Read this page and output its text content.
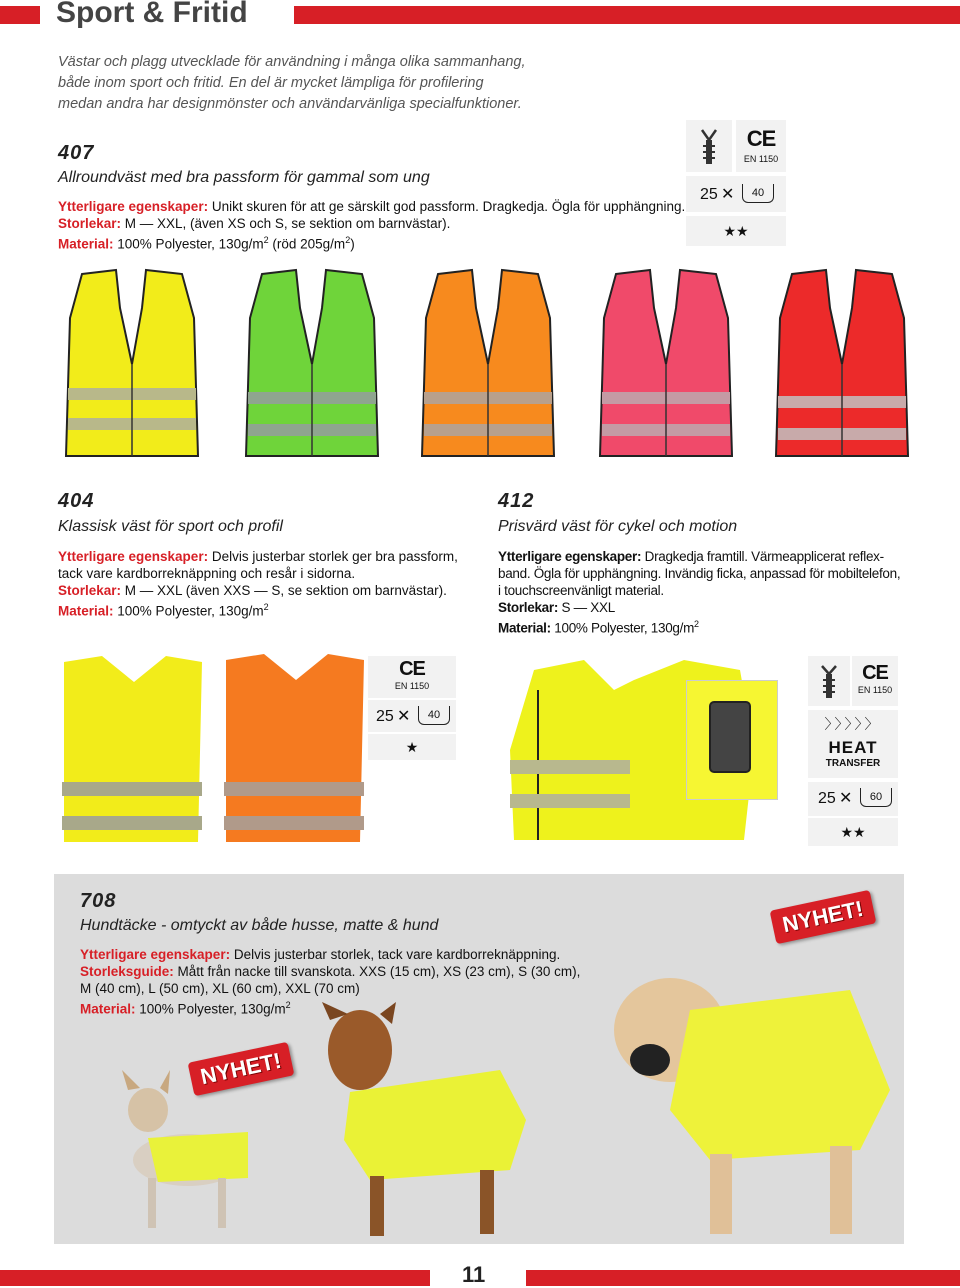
Sport & Fritid
Västar och plagg utvecklade för användning i många olika sammanhang,
både inom sport och fritid. En del är mycket lämpliga för profilering
medan andra har designmönster och användarvänliga specialfunktioner.
407
Allroundväst med bra passform för gammal som ung
Ytterligare egenskaper: Unikt skuren för att ge särskilt god passform. Dragkedja. Ögla för upphängning.
Storlekar: M — XXL, (även XS och S, se sektion om barnvästar).
Material: 100% Polyester, $130g/m^2$ (röd $205g/m^2$)
CE
EN 1150
25 ✕	40
★★
404
Klassisk väst för sport och profil
Ytterligare egenskaper: Delvis justerbar storlek ger bra passform,
tack vare kardborreknäppning och resår i sidorna.
Storlekar: M — XXL (även XXS — S, se sektion om barnvästar).
Material: 100% Polyester, $130g/m^2$
412
Prisvärd väst för cykel och motion
Ytterligare egenskaper: Dragkedja framtill. Värmeapplicerat reflex-
band. Ögla för upphängning. Invändig ficka, anpassad för mobiltelefon,
i touchscreenvänligt material.
Storlekar: S — XXL
Material: 100% Polyester, $130g/m^2$
CE
EN 1150
25 ✕	40
★
CE
EN 1150
〉〉〉〉〉
HEAT
TRANSFER
25 ✕	60
★★
708
Hundtäcke - omtyckt av både husse, matte & hund
Ytterligare egenskaper: Delvis justerbar storlek, tack vare kardborreknäppning.
Storleksguide: Mått från nacke till svanskota. XXS (15 cm), XS (23 cm), S (30 cm),
M (40 cm), L (50 cm), XL (60 cm), XXL (70 cm)
Material: 100% Polyester, $130g/m^2$
NYHET!
NYHET!
11
